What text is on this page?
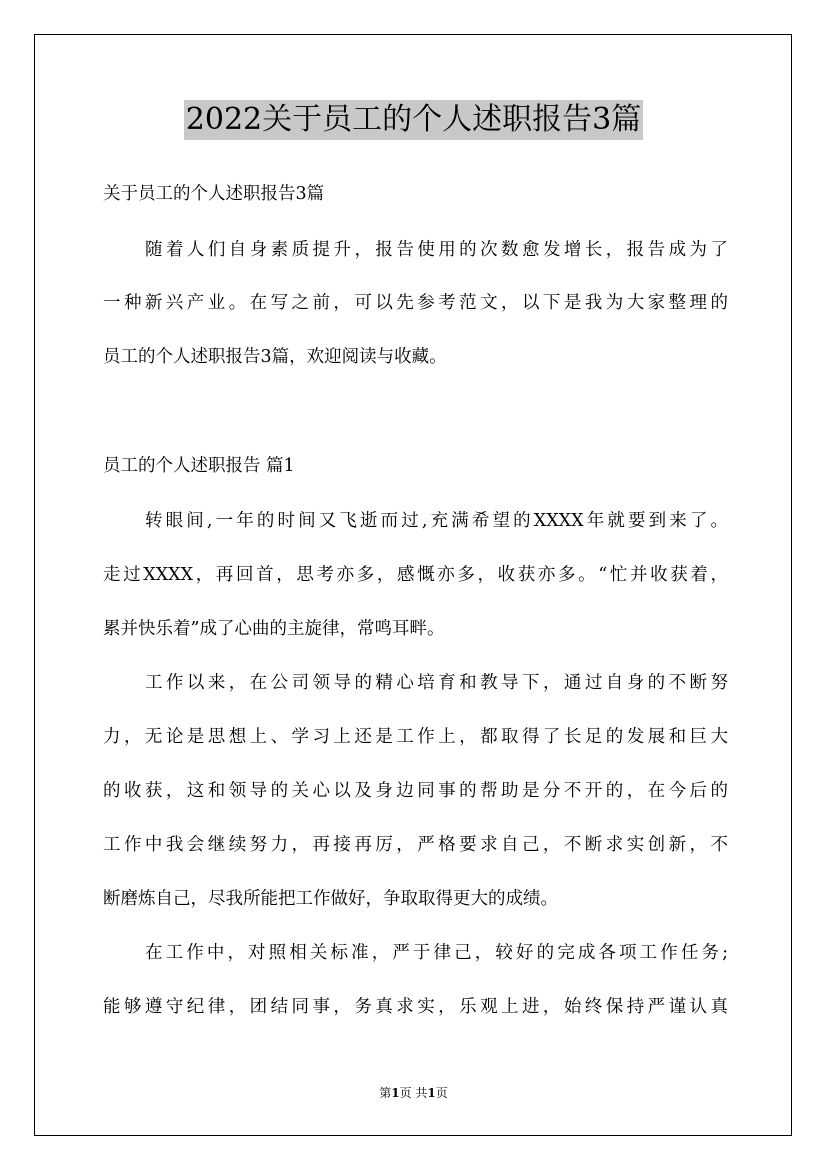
2022关于员工的个人述职报告3篇
关于员工的个人述职报告3篇
随着人们自身素质提升，报告使用的次数愈发增长，报告成为了
一种新兴产业。在写之前，可以先参考范文，以下是我为大家整理的
员工的个人述职报告3篇，欢迎阅读与收藏。
员工的个人述职报告 篇1
转眼间,一年的时间又飞逝而过,充满希望的XXXX年就要到来了。
走过XXXX，再回首，思考亦多，感慨亦多，收获亦多。“忙并收获着，
累并快乐着”成了心曲的主旋律，常鸣耳畔。
工作以来，在公司领导的精心培育和教导下，通过自身的不断努
力，无论是思想上、学习上还是工作上，都取得了长足的发展和巨大
的收获，这和领导的关心以及身边同事的帮助是分不开的，在今后的
工作中我会继续努力，再接再厉，严格要求自己，不断求实创新，不
断磨炼自己，尽我所能把工作做好，争取取得更大的成绩。
在工作中，对照相关标准，严于律己，较好的完成各项工作任务;
能够遵守纪律，团结同事，务真求实，乐观上进，始终保持严谨认真
第1页 共1页
